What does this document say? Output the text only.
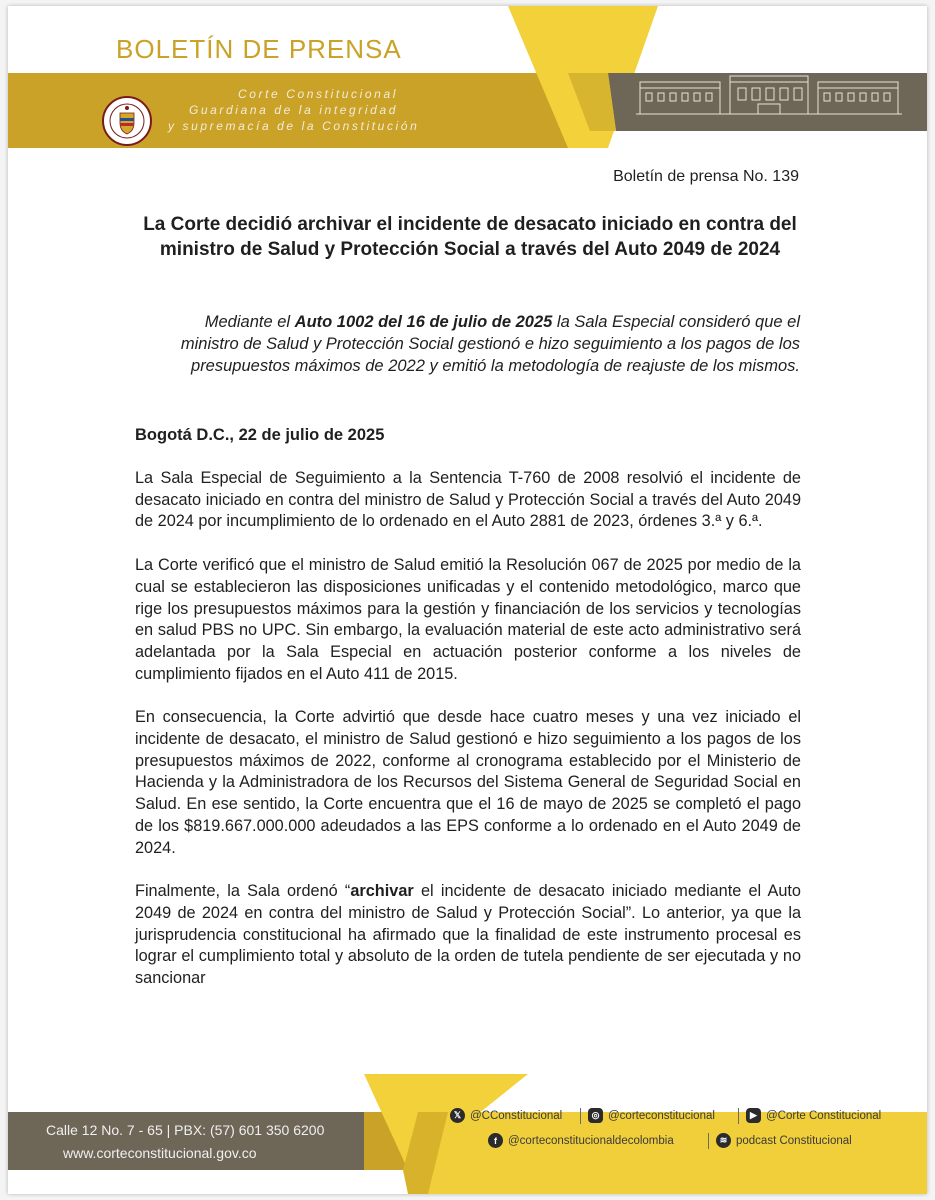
BOLETÍN DE PRENSA
Corte Constitucional
Guardiana de la integridad
y supremacía de la Constitución
Boletín de prensa No. 139
La Corte decidió archivar el incidente de desacato iniciado en contra del ministro de Salud y Protección Social a través del Auto 2049 de 2024
Mediante el Auto 1002 del 16 de julio de 2025 la Sala Especial consideró que el ministro de Salud y Protección Social gestionó e hizo seguimiento a los pagos de los presupuestos máximos de 2022 y emitió la metodología de reajuste de los mismos.
Bogotá D.C., 22 de julio de 2025

La Sala Especial de Seguimiento a la Sentencia T-760 de 2008 resolvió el incidente de desacato iniciado en contra del ministro de Salud y Protección Social a través del Auto 2049 de 2024 por incumplimiento de lo ordenado en el Auto 2881 de 2023, órdenes 3.ª y 6.ª.

La Corte verificó que el ministro de Salud emitió la Resolución 067 de 2025 por medio de la cual se establecieron las disposiciones unificadas y el contenido metodológico, marco que rige los presupuestos máximos para la gestión y financiación de los servicios y tecnologías en salud PBS no UPC. Sin embargo, la evaluación material de este acto administrativo será adelantada por la Sala Especial en actuación posterior conforme a los niveles de cumplimiento fijados en el Auto 411 de 2015.

En consecuencia, la Corte advirtió que desde hace cuatro meses y una vez iniciado el incidente de desacato, el ministro de Salud gestionó e hizo seguimiento a los pagos de los presupuestos máximos de 2022, conforme al cronograma establecido por el Ministerio de Hacienda y la Administradora de los Recursos del Sistema General de Seguridad Social en Salud. En ese sentido, la Corte encuentra que el 16 de mayo de 2025 se completó el pago de los $819.667.000.000 adeudados a las EPS conforme a lo ordenado en el Auto 2049 de 2024.

Finalmente, la Sala ordenó “archivar el incidente de desacato iniciado mediante el Auto 2049 de 2024 en contra del ministro de Salud y Protección Social”. Lo anterior, ya que la jurisprudencia constitucional ha afirmado que la finalidad de este instrumento procesal es lograr el cumplimiento total y absoluto de la orden de tutela pendiente de ser ejecutada y no sancionar

Calle 12 No. 7 - 65 | PBX: (57) 601 350 6200
www.corteconstitucional.gov.co
𝕏 @CConstitucional	◎ @corteconstitucional	▶ @Corte Constitucional
f @corteconstitucionaldecolombia	≋ podcast Constitucional
